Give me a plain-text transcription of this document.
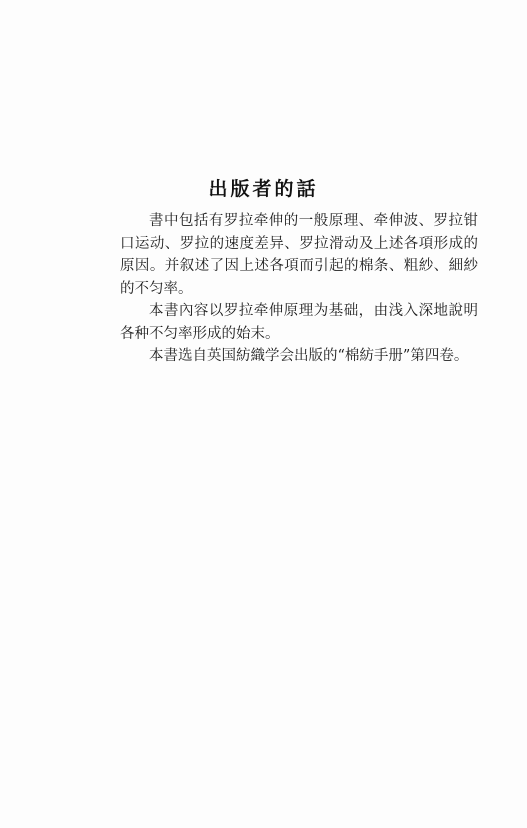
出版者的話

書中包括有罗拉牵伸的一般原理、牵伸波、罗拉钳口运动、罗拉的速度差异、罗拉滑动及上述各項形成的原因。并叙述了因上述各項而引起的棉条、粗紗、細紗的不匀率。

本書內容以罗拉牵伸原理为基础，由浅入深地說明各种不匀率形成的始末。

本書选自英国紡織学会出版的“棉紡手册”第四卷。
